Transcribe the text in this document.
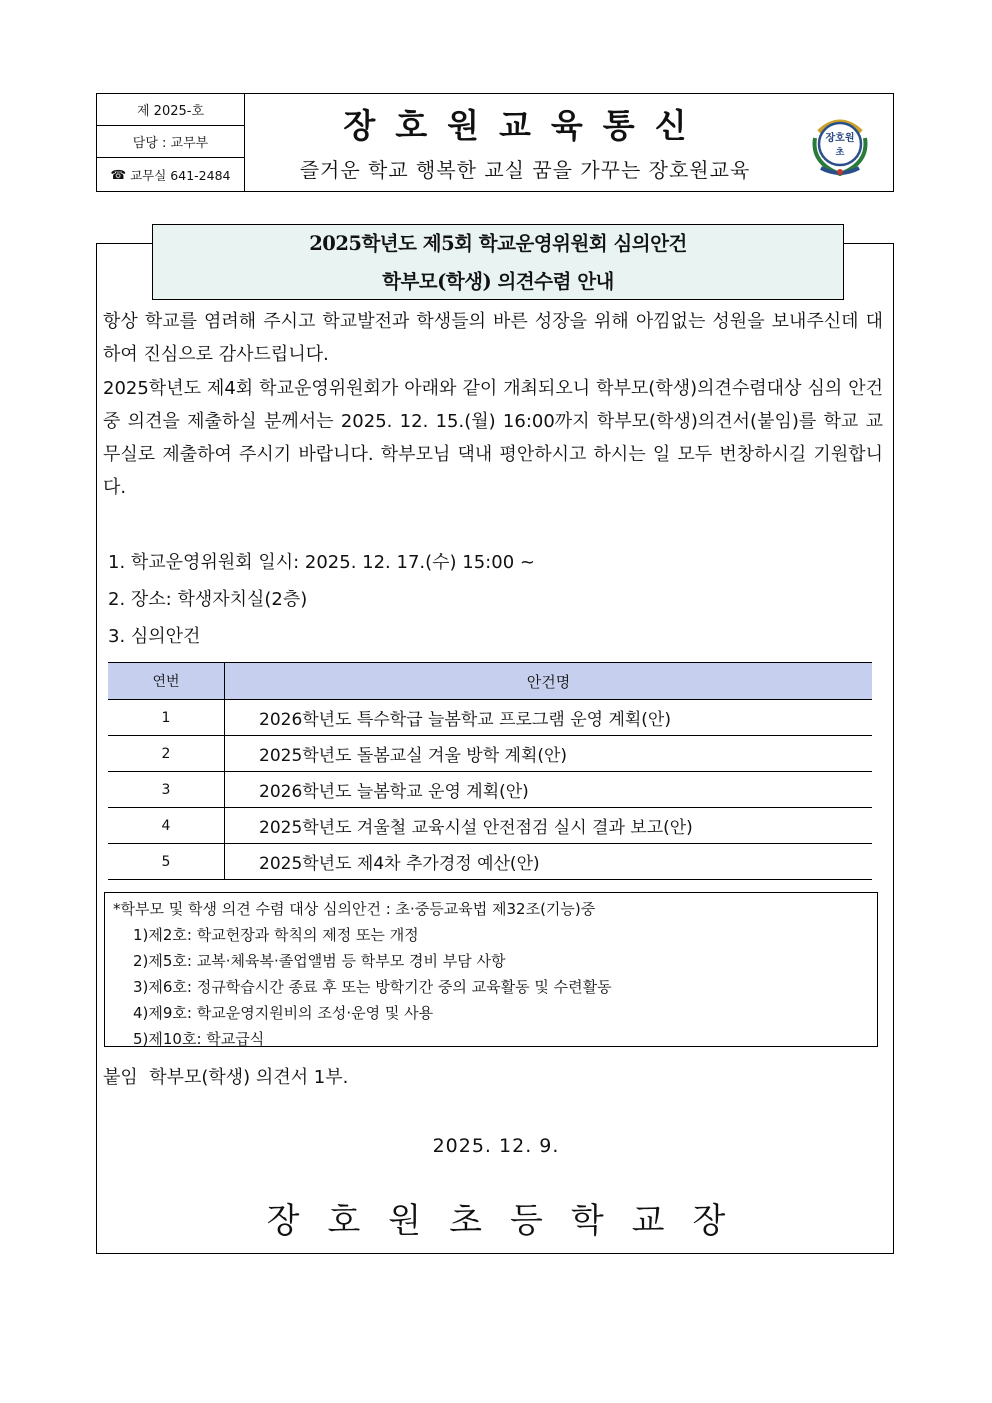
제 2025-호
담당 : 교무부
☎ 교무실 641-2484
장호원교육통신
즐거운 학교 행복한 교실 꿈을 가꾸는 장호원교육
장호원
초
2025학년도 제5회 학교운영위원회 심의안건
학부모(학생) 의견수렴 안내
항상 학교를 염려해 주시고 학교발전과 학생들의 바른 성장을 위해 아낌없는 성원을 보내주신데 대하여 진심으로 감사드립니다.
2025학년도 제4회 학교운영위원회가 아래와 같이 개최되오니 학부모(학생)의견수렴대상 심의 안건중 의견을 제출하실 분께서는 2025. 12. 15.(월) 16:00까지 학부모(학생)의견서(붙임)를 학교 교무실로 제출하여 주시기 바랍니다. 학부모님 댁내 평안하시고 하시는 일 모두 번창하시길 기원합니다.
1. 학교운영위원회 일시: 2025. 12. 17.(수) 15:00 ~
2. 장소: 학생자치실(2층)
3. 심의안건
연번	안건명
1	2026학년도 특수학급 늘봄학교 프로그램 운영 계획(안)
2	2025학년도 돌봄교실 겨울 방학 계획(안)
3	2026학년도 늘봄학교 운영 계획(안)
4	2025학년도 겨울철 교육시설 안전점검 실시 결과 보고(안)
5	2025학년도 제4차 추가경정 예산(안)
*학부모 및 학생 의견 수렴 대상 심의안건 : 초·중등교육법 제32조(기능)중
1)제2호: 학교헌장과 학칙의 제정 또는 개정
2)제5호: 교복·체육복·졸업앨범 등 학부모 경비 부담 사항
3)제6호: 정규학습시간 종료 후 또는 방학기간 중의 교육활동 및 수련활동
4)제9호: 학교운영지원비의 조성·운영 및 사용
5)제10호: 학교급식
붙임  학부모(학생) 의견서 1부.
2025. 12. 9.
장호원초등학교장
